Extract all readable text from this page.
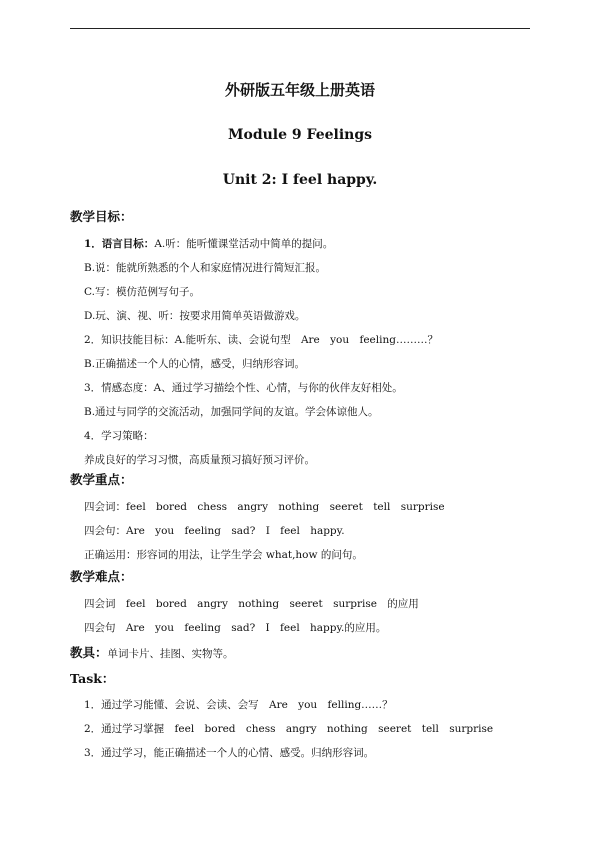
外研版五年级上册英语
Module 9 Feelings
Unit 2: I feel happy.
教学目标：
1．语言目标：A.听：能听懂课堂活动中简单的提问。
B.说：能就所熟悉的个人和家庭情况进行简短汇报。
C.写：模仿范例写句子。
D.玩、演、视、听：按要求用简单英语做游戏。
2．知识技能目标：A.能听东、读、会说句型 Are you feeling………？
B.正确描述一个人的心情，感受，归纳形容词。
3．情感态度：A、通过学习描绘个性、心情，与你的伙伴友好相处。
B.通过与同学的交流活动，加强同学间的友谊。学会体谅他人。
4．学习策略：
养成良好的学习习惯，高质量预习搞好预习评价。
教学重点：
四会词：feel bored chess angry nothing seeret tell surprise
四会句：Are you feeling sad? I feel happy.
正确运用：形容词的用法，让学生学会 what,how 的问句。
教学难点：
四会词 feel bored angry nothing seeret surprise 的应用
四会句 Are you feeling sad? I feel happy.的应用。
教具：单词卡片、挂图、实物等。
Task：
1．通过学习能懂、会说、会读、会写 Are you felling……？
2．通过学习掌握 feel bored chess angry nothing seeret tell surprise
3．通过学习，能正确描述一个人的心情、感受。归纳形容词。
